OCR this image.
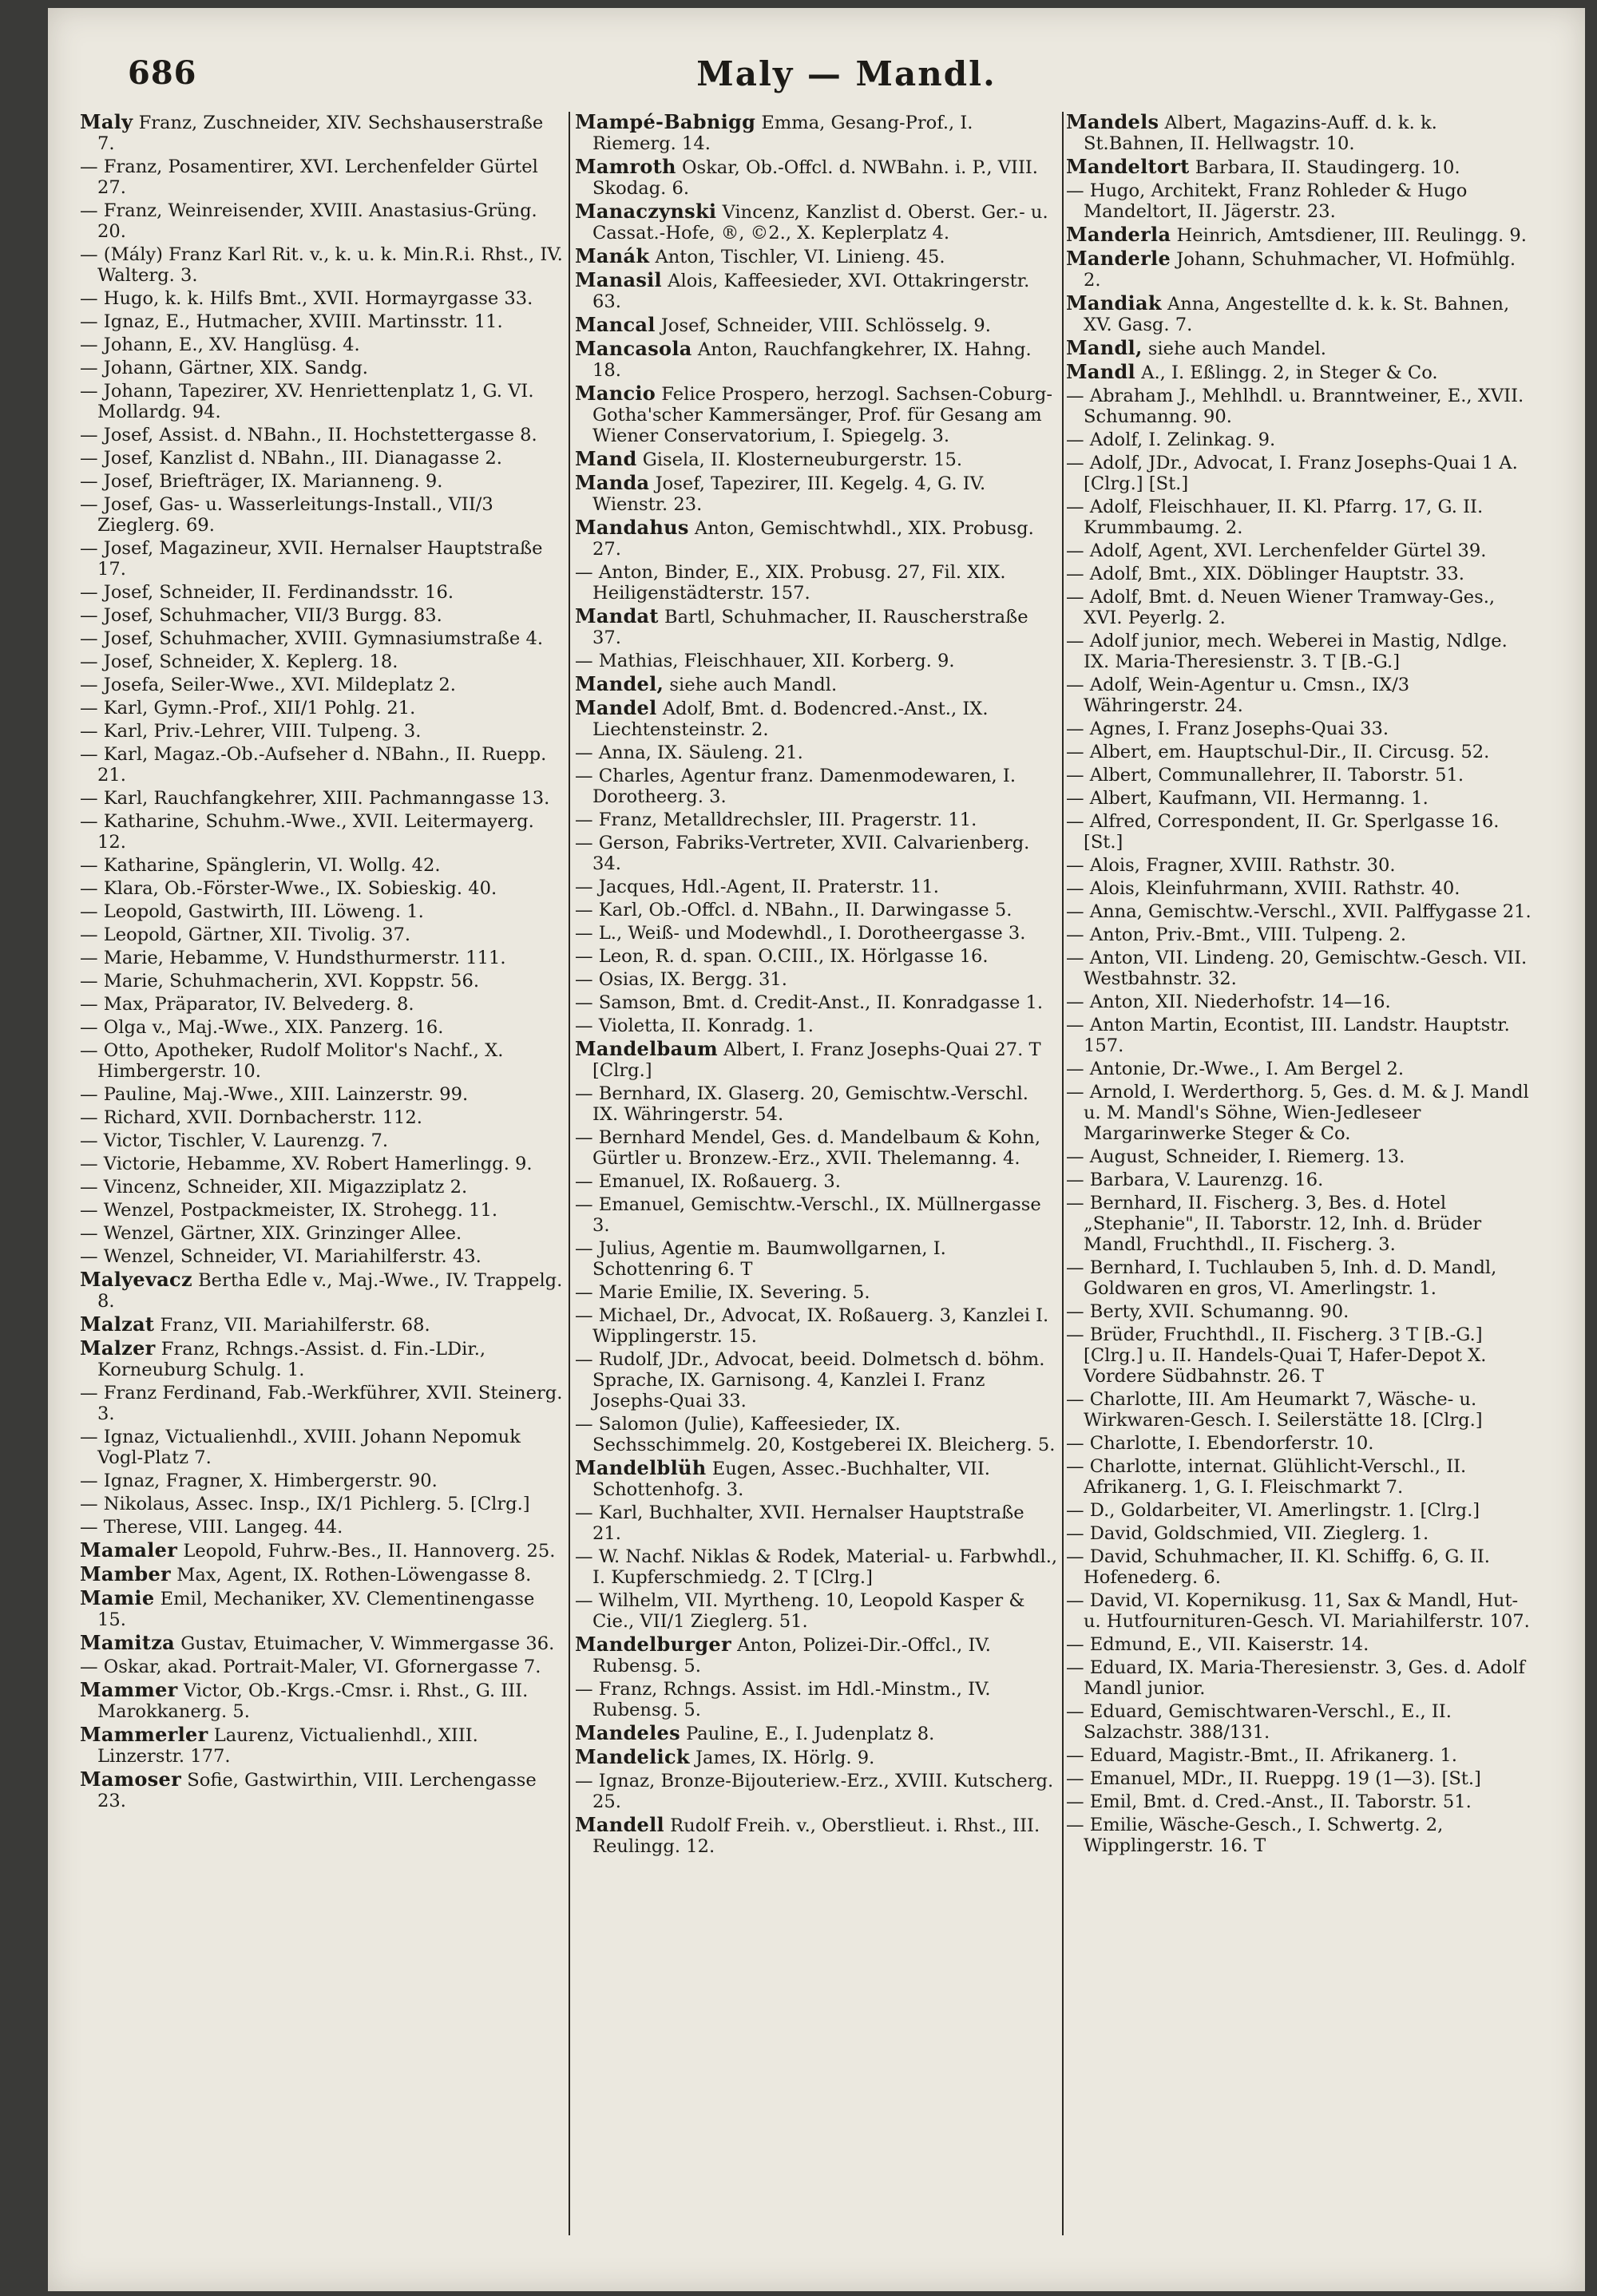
686	Maly — Mandl.
Maly Franz, Zuschneider, XIV. Sechshauserstraße 7.
— Franz, Posamentirer, XVI. Lerchenfelder Gürtel 27.
— Franz, Weinreisender, XVIII. Anastasius-Grüng. 20.
— (Mály) Franz Karl Rit. v., k. u. k. Min.R.i. Rhst., IV. Walterg. 3.
— Hugo, k. k. Hilfs Bmt., XVII. Hormayrgasse 33.
— Ignaz, E., Hutmacher, XVIII. Martinsstr. 11.
— Johann, E., XV. Hanglüsg. 4.
— Johann, Gärtner, XIX. Sandg.
— Johann, Tapezirer, XV. Henriettenplatz 1, G. VI. Mollardg. 94.
— Josef, Assist. d. NBahn., II. Hochstettergasse 8.
— Josef, Kanzlist d. NBahn., III. Dianagasse 2.
— Josef, Briefträger, IX. Marianneng. 9.
— Josef, Gas- u. Wasserleitungs-Install., VII/3 Zieglerg. 69.
— Josef, Magazineur, XVII. Hernalser Hauptstraße 17.
— Josef, Schneider, II. Ferdinandsstr. 16.
— Josef, Schuhmacher, VII/3 Burgg. 83.
— Josef, Schuhmacher, XVIII. Gymnasiumstraße 4.
— Josef, Schneider, X. Keplerg. 18.
— Josefa, Seiler-Wwe., XVI. Mildeplatz 2.
— Karl, Gymn.-Prof., XII/1 Pohlg. 21.
— Karl, Priv.-Lehrer, VIII. Tulpeng. 3.
— Karl, Magaz.-Ob.-Aufseher d. NBahn., II. Ruepp. 21.
— Karl, Rauchfangkehrer, XIII. Pachmanngasse 13.
— Katharine, Schuhm.-Wwe., XVII. Leitermayerg. 12.
— Katharine, Spänglerin, VI. Wollg. 42.
— Klara, Ob.-Förster-Wwe., IX. Sobieskig. 40.
— Leopold, Gastwirth, III. Löweng. 1.
— Leopold, Gärtner, XII. Tivolig. 37.
— Marie, Hebamme, V. Hundsthurmerstr. 111.
— Marie, Schuhmacherin, XVI. Koppstr. 56.
— Max, Präparator, IV. Belvederg. 8.
— Olga v., Maj.-Wwe., XIX. Panzerg. 16.
— Otto, Apotheker, Rudolf Molitor's Nachf., X. Himbergerstr. 10.
— Pauline, Maj.-Wwe., XIII. Lainzerstr. 99.
— Richard, XVII. Dornbacherstr. 112.
— Victor, Tischler, V. Laurenzg. 7.
— Victorie, Hebamme, XV. Robert Hamerlingg. 9.
— Vincenz, Schneider, XII. Migazziplatz 2.
— Wenzel, Postpackmeister, IX. Strohegg. 11.
— Wenzel, Gärtner, XIX. Grinzinger Allee.
— Wenzel, Schneider, VI. Mariahilferstr. 43.
Malyevacz Bertha Edle v., Maj.-Wwe., IV. Trappelg. 8.
Malzat Franz, VII. Mariahilferstr. 68.
Malzer Franz, Rchngs.-Assist. d. Fin.-LDir., Korneuburg Schulg. 1.
— Franz Ferdinand, Fab.-Werkführer, XVII. Steinerg. 3.
— Ignaz, Victualienhdl., XVIII. Johann Nepomuk Vogl-Platz 7.
— Ignaz, Fragner, X. Himbergerstr. 90.
— Nikolaus, Assec. Insp., IX/1 Pichlerg. 5. [Clrg.]
— Therese, VIII. Langeg. 44.
Mamaler Leopold, Fuhrw.-Bes., II. Hannoverg. 25.
Mamber Max, Agent, IX. Rothen-Löwengasse 8.
Mamie Emil, Mechaniker, XV. Clementinengasse 15.
Mamitza Gustav, Etuimacher, V. Wimmergasse 36.
— Oskar, akad. Portrait-Maler, VI. Gfornergasse 7.
Mammer Victor, Ob.-Krgs.-Cmsr. i. Rhst., G. III. Marokkanerg. 5.
Mammerler Laurenz, Victualienhdl., XIII. Linzerstr. 177.
Mamoser Sofie, Gastwirthin, VIII. Lerchengasse 23.
Mampé-Babnigg Emma, Gesang-Prof., I. Riemerg. 14.
Mamroth Oskar, Ob.-Offcl. d. NWBahn. i. P., VIII. Skodag. 6.
Manaczynski Vincenz, Kanzlist d. Oberst. Ger.- u. Cassat.-Hofe, ®, ©2., X. Keplerplatz 4.
Manák Anton, Tischler, VI. Linieng. 45.
Manasil Alois, Kaffeesieder, XVI. Ottakringerstr. 63.
Mancal Josef, Schneider, VIII. Schlösselg. 9.
Mancasola Anton, Rauchfangkehrer, IX. Hahng. 18.
Mancio Felice Prospero, herzogl. Sachsen-Coburg-Gotha'scher Kammersänger, Prof. für Gesang am Wiener Conservatorium, I. Spiegelg. 3.
Mand Gisela, II. Klosterneuburgerstr. 15.
Manda Josef, Tapezirer, III. Kegelg. 4, G. IV. Wienstr. 23.
Mandahus Anton, Gemischtwhdl., XIX. Probusg. 27.
— Anton, Binder, E., XIX. Probusg. 27, Fil. XIX. Heiligenstädterstr. 157.
Mandat Bartl, Schuhmacher, II. Rauscherstraße 37.
— Mathias, Fleischhauer, XII. Korberg. 9.
Mandel, siehe auch Mandl.
Mandel Adolf, Bmt. d. Bodencred.-Anst., IX. Liechtensteinstr. 2.
— Anna, IX. Säuleng. 21.
— Charles, Agentur franz. Damenmodewaren, I. Dorotheerg. 3.
— Franz, Metalldrechsler, III. Pragerstr. 11.
— Gerson, Fabriks-Vertreter, XVII. Calvarienberg. 34.
— Jacques, Hdl.-Agent, II. Praterstr. 11.
— Karl, Ob.-Offcl. d. NBahn., II. Darwingasse 5.
— L., Weiß- und Modewhdl., I. Dorotheergasse 3.
— Leon, R. d. span. O.CIII., IX. Hörlgasse 16.
— Osias, IX. Bergg. 31.
— Samson, Bmt. d. Credit-Anst., II. Konradgasse 1.
— Violetta, II. Konradg. 1.
Mandelbaum Albert, I. Franz Josephs-Quai 27. T [Clrg.]
— Bernhard, IX. Glaserg. 20, Gemischtw.-Verschl. IX. Währingerstr. 54.
— Bernhard Mendel, Ges. d. Mandelbaum & Kohn, Gürtler u. Bronzew.-Erz., XVII. Thelemanng. 4.
— Emanuel, IX. Roßauerg. 3.
— Emanuel, Gemischtw.-Verschl., IX. Müllnergasse 3.
— Julius, Agentie m. Baumwollgarnen, I. Schottenring 6. T
— Marie Emilie, IX. Severing. 5.
— Michael, Dr., Advocat, IX. Roßauerg. 3, Kanzlei I. Wipplingerstr. 15.
— Rudolf, JDr., Advocat, beeid. Dolmetsch d. böhm. Sprache, IX. Garnisong. 4, Kanzlei I. Franz Josephs-Quai 33.
— Salomon (Julie), Kaffeesieder, IX. Sechsschimmelg. 20, Kostgeberei IX. Bleicherg. 5.
Mandelblüh Eugen, Assec.-Buchhalter, VII. Schottenhofg. 3.
— Karl, Buchhalter, XVII. Hernalser Hauptstraße 21.
— W. Nachf. Niklas & Rodek, Material- u. Farbwhdl., I. Kupferschmiedg. 2. T [Clrg.]
— Wilhelm, VII. Myrtheng. 10, Leopold Kasper & Cie., VII/1 Zieglerg. 51.
Mandelburger Anton, Polizei-Dir.-Offcl., IV. Rubensg. 5.
— Franz, Rchngs. Assist. im Hdl.-Minstm., IV. Rubensg. 5.
Mandeles Pauline, E., I. Judenplatz 8.
Mandelick James, IX. Hörlg. 9.
— Ignaz, Bronze-Bijouteriew.-Erz., XVIII. Kutscherg. 25.
Mandell Rudolf Freih. v., Oberstlieut. i. Rhst., III. Reulingg. 12.
Mandels Albert, Magazins-Auff. d. k. k. St.Bahnen, II. Hellwagstr. 10.
Mandeltort Barbara, II. Staudingerg. 10.
— Hugo, Architekt, Franz Rohleder & Hugo Mandeltort, II. Jägerstr. 23.
Manderla Heinrich, Amtsdiener, III. Reulingg. 9.
Manderle Johann, Schuhmacher, VI. Hofmühlg. 2.
Mandiak Anna, Angestellte d. k. k. St. Bahnen, XV. Gasg. 7.
Mandl, siehe auch Mandel.
Mandl A., I. Eßlingg. 2, in Steger & Co.
— Abraham J., Mehlhdl. u. Branntweiner, E., XVII. Schumanng. 90.
— Adolf, I. Zelinkag. 9.
— Adolf, JDr., Advocat, I. Franz Josephs-Quai 1 A. [Clrg.] [St.]
— Adolf, Fleischhauer, II. Kl. Pfarrg. 17, G. II. Krummbaumg. 2.
— Adolf, Agent, XVI. Lerchenfelder Gürtel 39.
— Adolf, Bmt., XIX. Döblinger Hauptstr. 33.
— Adolf, Bmt. d. Neuen Wiener Tramway-Ges., XVI. Peyerlg. 2.
— Adolf junior, mech. Weberei in Mastig, Ndlge. IX. Maria-Theresienstr. 3. T [B.-G.]
— Adolf, Wein-Agentur u. Cmsn., IX/3 Währingerstr. 24.
— Agnes, I. Franz Josephs-Quai 33.
— Albert, em. Hauptschul-Dir., II. Circusg. 52.
— Albert, Communallehrer, II. Taborstr. 51.
— Albert, Kaufmann, VII. Hermanng. 1.
— Alfred, Correspondent, II. Gr. Sperlgasse 16. [St.]
— Alois, Fragner, XVIII. Rathstr. 30.
— Alois, Kleinfuhrmann, XVIII. Rathstr. 40.
— Anna, Gemischtw.-Verschl., XVII. Palffygasse 21.
— Anton, Priv.-Bmt., VIII. Tulpeng. 2.
— Anton, VII. Lindeng. 20, Gemischtw.-Gesch. VII. Westbahnstr. 32.
— Anton, XII. Niederhofstr. 14—16.
— Anton Martin, Econtist, III. Landstr. Hauptstr. 157.
— Antonie, Dr.-Wwe., I. Am Bergel 2.
— Arnold, I. Werderthorg. 5, Ges. d. M. & J. Mandl u. M. Mandl's Söhne, Wien-Jedleseer Margarinwerke Steger & Co.
— August, Schneider, I. Riemerg. 13.
— Barbara, V. Laurenzg. 16.
— Bernhard, II. Fischerg. 3, Bes. d. Hotel „Stephanie", II. Taborstr. 12, Inh. d. Brüder Mandl, Fruchthdl., II. Fischerg. 3.
— Bernhard, I. Tuchlauben 5, Inh. d. D. Mandl, Goldwaren en gros, VI. Amerlingstr. 1.
— Berty, XVII. Schumanng. 90.
— Brüder, Fruchthdl., II. Fischerg. 3 T [B.-G.] [Clrg.] u. II. Handels-Quai T, Hafer-Depot X. Vordere Südbahnstr. 26. T
— Charlotte, III. Am Heumarkt 7, Wäsche- u. Wirkwaren-Gesch. I. Seilerstätte 18. [Clrg.]
— Charlotte, I. Ebendorferstr. 10.
— Charlotte, internat. Glühlicht-Verschl., II. Afrikanerg. 1, G. I. Fleischmarkt 7.
— D., Goldarbeiter, VI. Amerlingstr. 1. [Clrg.]
— David, Goldschmied, VII. Zieglerg. 1.
— David, Schuhmacher, II. Kl. Schiffg. 6, G. II. Hofenederg. 6.
— David, VI. Kopernikusg. 11, Sax & Mandl, Hut- u. Hutfournituren-Gesch. VI. Mariahilferstr. 107.
— Edmund, E., VII. Kaiserstr. 14.
— Eduard, IX. Maria-Theresienstr. 3, Ges. d. Adolf Mandl junior.
— Eduard, Gemischtwaren-Verschl., E., II. Salzachstr. 388/131.
— Eduard, Magistr.-Bmt., II. Afrikanerg. 1.
— Emanuel, MDr., II. Rueppg. 19 (1—3). [St.]
— Emil, Bmt. d. Cred.-Anst., II. Taborstr. 51.
— Emilie, Wäsche-Gesch., I. Schwertg. 2, Wipplingerstr. 16. T
